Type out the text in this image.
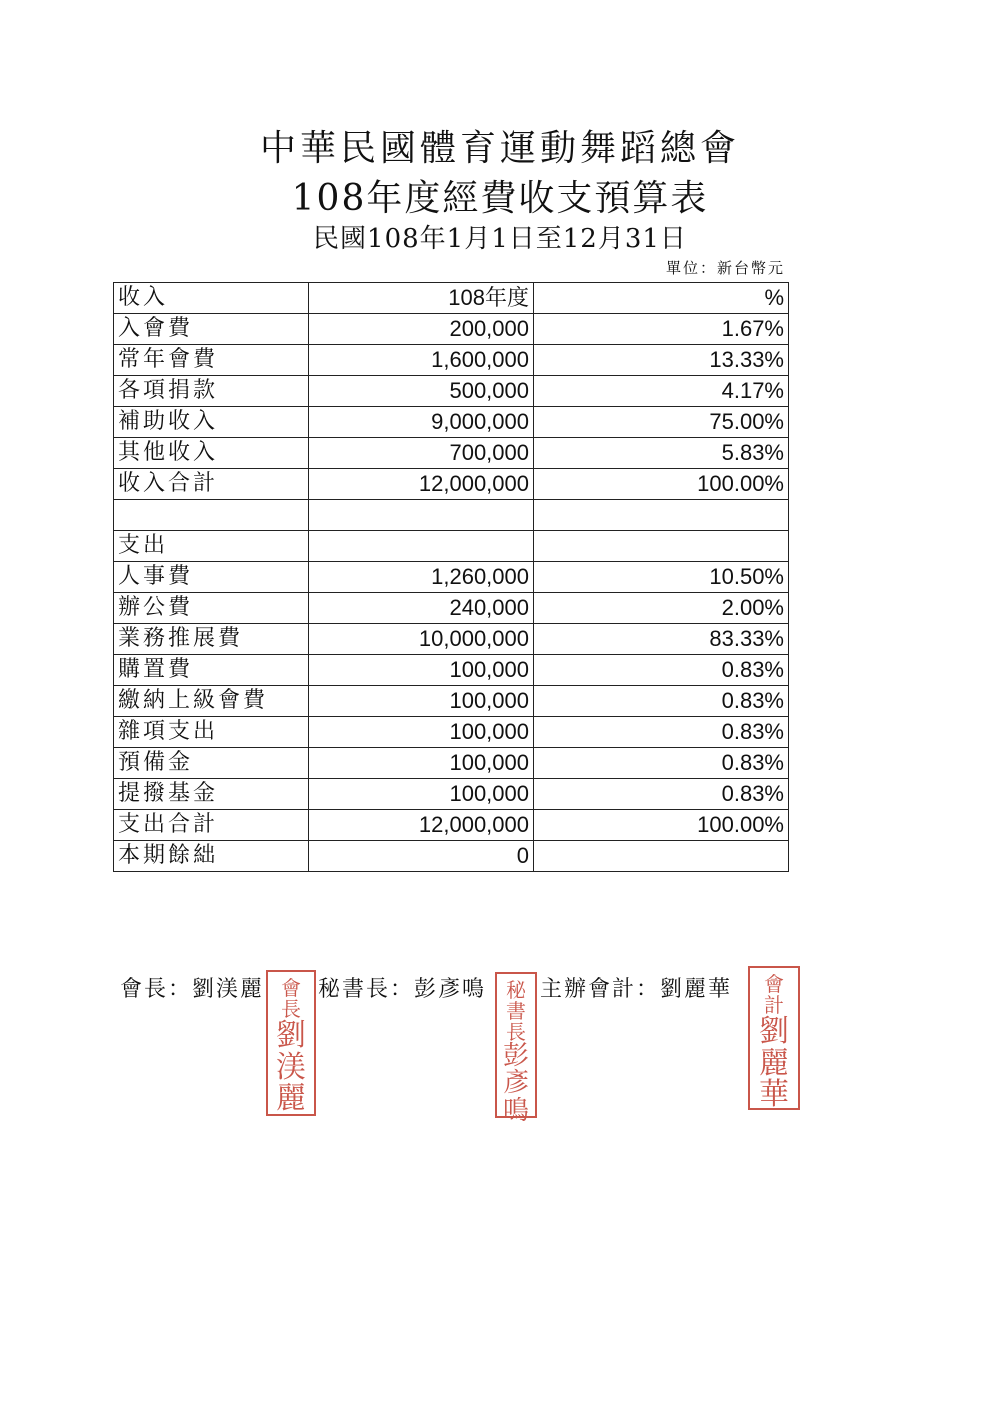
中華民國體育運動舞蹈總會
108年度經費收支預算表
民國108年1月1日至12月31日
單位：新台幣元
收入	108年度	%
入會費	200,000	1.67%
常年會費	1,600,000	13.33%
各項捐款	500,000	4.17%
補助收入	9,000,000	75.00%
其他收入	700,000	5.83%
收入合計	12,000,000	100.00%

支出		
人事費	1,260,000	10.50%
辦公費	240,000	2.00%
業務推展費	10,000,000	83.33%
購置費	100,000	0.83%
繳納上級會費	100,000	0.83%
雜項支出	100,000	0.83%
預備金	100,000	0.83%
提撥基金	100,000	0.83%
支出合計	12,000,000	100.00%
本期餘絀	0	
會長：劉渼麗 秘書長：彭彥鳴 主辦會計：劉麗華
會
長
劉
渼
麗
秘
書
長
彭
彥
鳴
會
計
劉
麗
華
